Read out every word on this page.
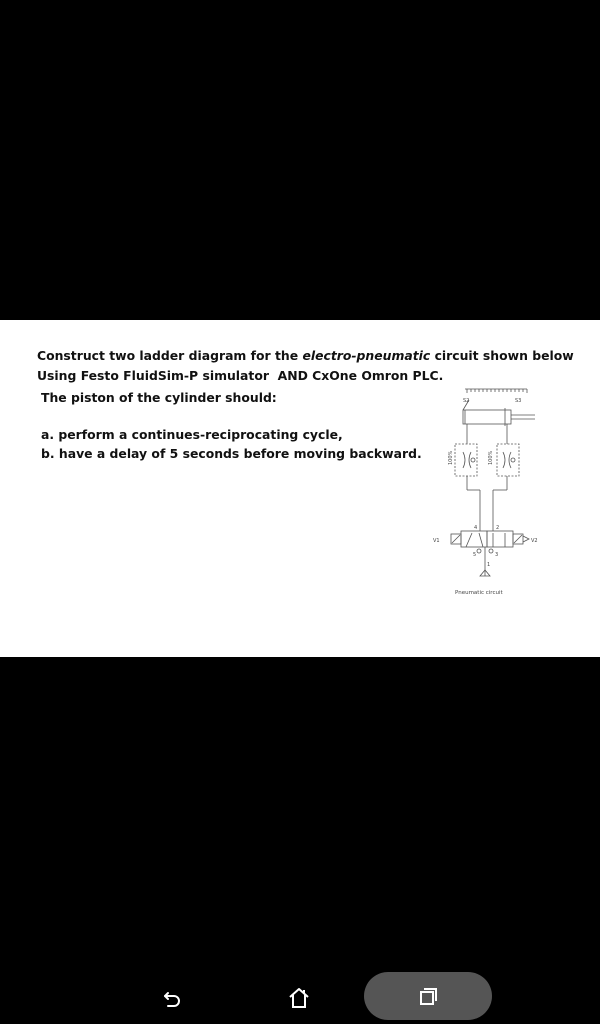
Construct two ladder diagram for the electro-pneumatic circuit shown below

Using Festo FluidSim-P simulator AND CxOne Omron PLC.

The piston of the cylinder should:

a. perform a continues-reciprocating cycle,

b. have a delay of 5 seconds before moving backward.

S2	S3
100%	100%
4	2
5	3
1
V1	V2
Pneumatic circuit
